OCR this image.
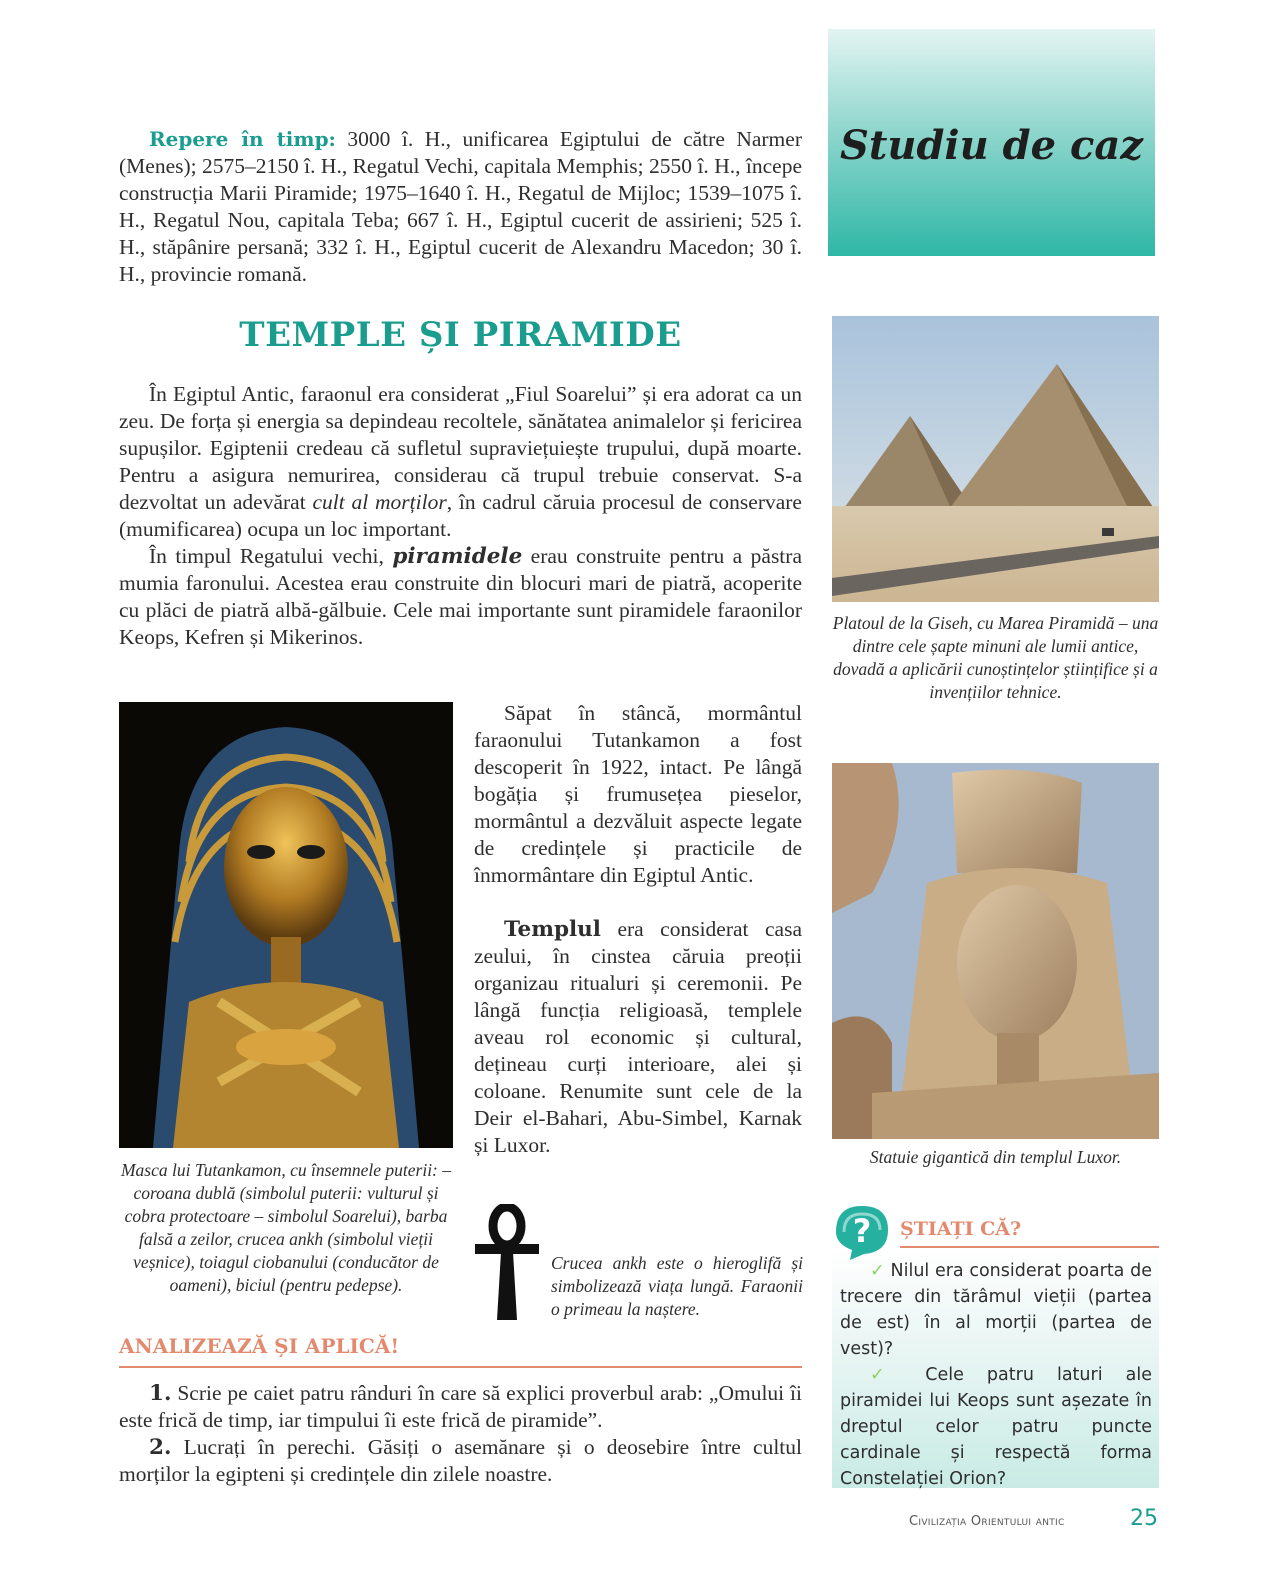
Studiu de caz
Repere în timp: 3000 î. H., unificarea Egiptului de către Narmer (Menes); 2575–2150 î. H., Regatul Vechi, capitala Memphis; 2550 î. H., începe construcția Marii Piramide; 1975–1640 î. H., Regatul de Mijloc; 1539–1075 î. H., Regatul Nou, capitala Teba; 667 î. H., Egiptul cucerit de assirieni; 525 î. H., stăpânire persană; 332 î. H., Egiptul cucerit de Alexandru Macedon; 30 î. H., provincie romană.
TEMPLE ȘI PIRAMIDE

În Egiptul Antic, faraonul era considerat „Fiul Soarelui” și era adorat ca un zeu. De forța și energia sa depindeau recoltele, sănătatea animalelor și fericirea supușilor. Egiptenii credeau că sufletul supraviețuiește trupului, după moarte. Pentru a asigura nemurirea, considerau că trupul trebuie conservat. S-a dezvoltat un adevărat cult al morților, în cadrul căruia procesul de conservare (mumificarea) ocupa un loc important.

În timpul Regatului vechi, piramidele erau construite pentru a păstra mumia faronului. Acestea erau construite din blocuri mari de piatră, acoperite cu plăci de piatră albă-gălbuie. Cele mai importante sunt piramidele faraonilor Keops, Kefren și Mikerinos.

Platoul de la Giseh, cu Marea Piramidă – una dintre cele șapte minuni ale lumii antice, dovadă a aplicării cunoștințelor științifice și a invențiilor tehnice.
Masca lui Tutankamon, cu însemnele puterii: – coroana dublă (simbolul puterii: vulturul și cobra protectoare – simbolul Soarelui), barba falsă a zeilor, crucea ankh (simbolul vieții veșnice), toiagul ciobanului (conducător de oameni), biciul (pentru pedepse).
Săpat în stâncă, mormântul faraonului Tutankamon a fost descoperit în 1922, intact. Pe lângă bogăția și frumusețea pieselor, mormântul a dezvăluit aspecte legate de credințele și practicile de înmormântare din Egiptul Antic.
Templul era considerat casa zeului, în cinstea căruia preoții organizau ritualuri și ceremonii. Pe lângă funcția religioasă, templele aveau rol economic și cultural, dețineau curți interioare, alei și coloane. Renumite sunt cele de la Deir el-Bahari, Abu-Simbel, Karnak și Luxor.	Statuie gigantică din templul Luxor.
Crucea ankh este o hieroglifă și simbolizează viața lungă. Faraonii o primeau la naștere.
ANALIZEAZĂ ȘI APLICĂ!

1. Scrie pe caiet patru rânduri în care să explici proverbul arab: „Omului îi este frică de timp, iar timpului îi este frică de piramide”.

2. Lucrați în perechi. Găsiți o asemănare și o deosebire între cultul morților la egipteni și credințele din zilele noastre.

? ȘTIAȚI CĂ?

✓ Nilul era considerat poarta de trecere din tărâmul vieții (partea de est) în al morții (partea de vest)?

✓ Cele patru laturi ale piramidei lui Keops sunt așezate în dreptul celor patru puncte cardinale și respectă forma Constelației Orion?

Civilizația Orientului antic	25
